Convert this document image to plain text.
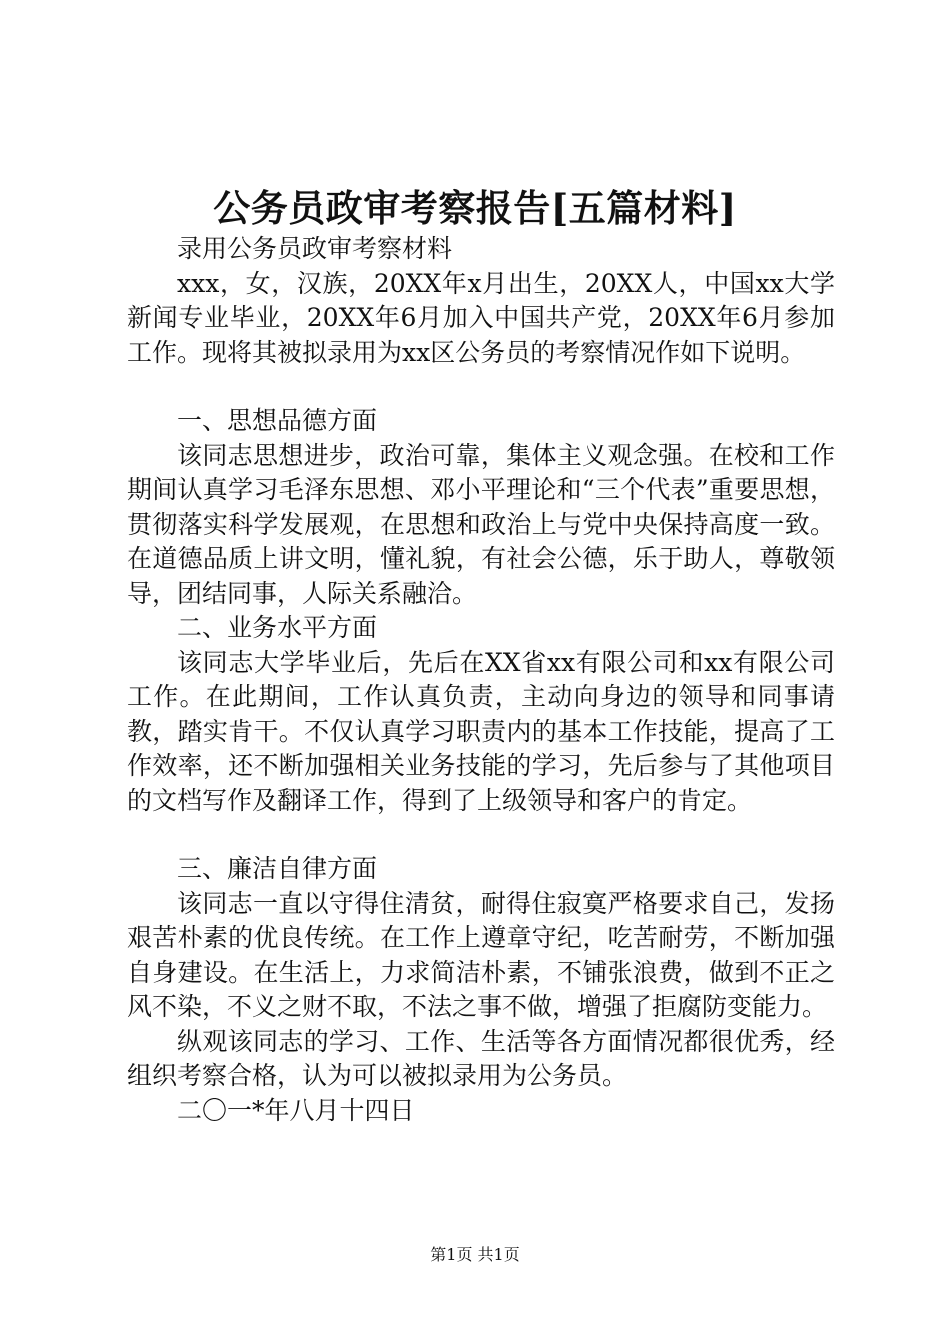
公务员政审考察报告[五篇材料]

录用公务员政审考察材料

xxx，女，汉族，20XX年x月出生，20XX人，中国xx大学新闻专业毕业，20XX年6月加入中国共产党，20XX年6月参加工作。现将其被拟录用为xx区公务员的考察情况作如下说明。

一、思想品德方面

该同志思想进步，政治可靠，集体主义观念强。在校和工作期间认真学习毛泽东思想、邓小平理论和“三个代表”重要思想，贯彻落实科学发展观，在思想和政治上与党中央保持高度一致。在道德品质上讲文明，懂礼貌，有社会公德，乐于助人，尊敬领导，团结同事，人际关系融洽。

二、业务水平方面

该同志大学毕业后，先后在XX省xx有限公司和xx有限公司工作。在此期间，工作认真负责，主动向身边的领导和同事请教，踏实肯干。不仅认真学习职责内的基本工作技能，提高了工作效率，还不断加强相关业务技能的学习，先后参与了其他项目的文档写作及翻译工作，得到了上级领导和客户的肯定。

三、廉洁自律方面

该同志一直以守得住清贫，耐得住寂寞严格要求自己，发扬艰苦朴素的优良传统。在工作上遵章守纪，吃苦耐劳，不断加强自身建设。在生活上，力求简洁朴素，不铺张浪费，做到不正之风不染，不义之财不取，不法之事不做，增强了拒腐防变能力。

纵观该同志的学习、工作、生活等各方面情况都很优秀，经组织考察合格，认为可以被拟录用为公务员。

二〇一*年八月十四日

第1页 共1页
